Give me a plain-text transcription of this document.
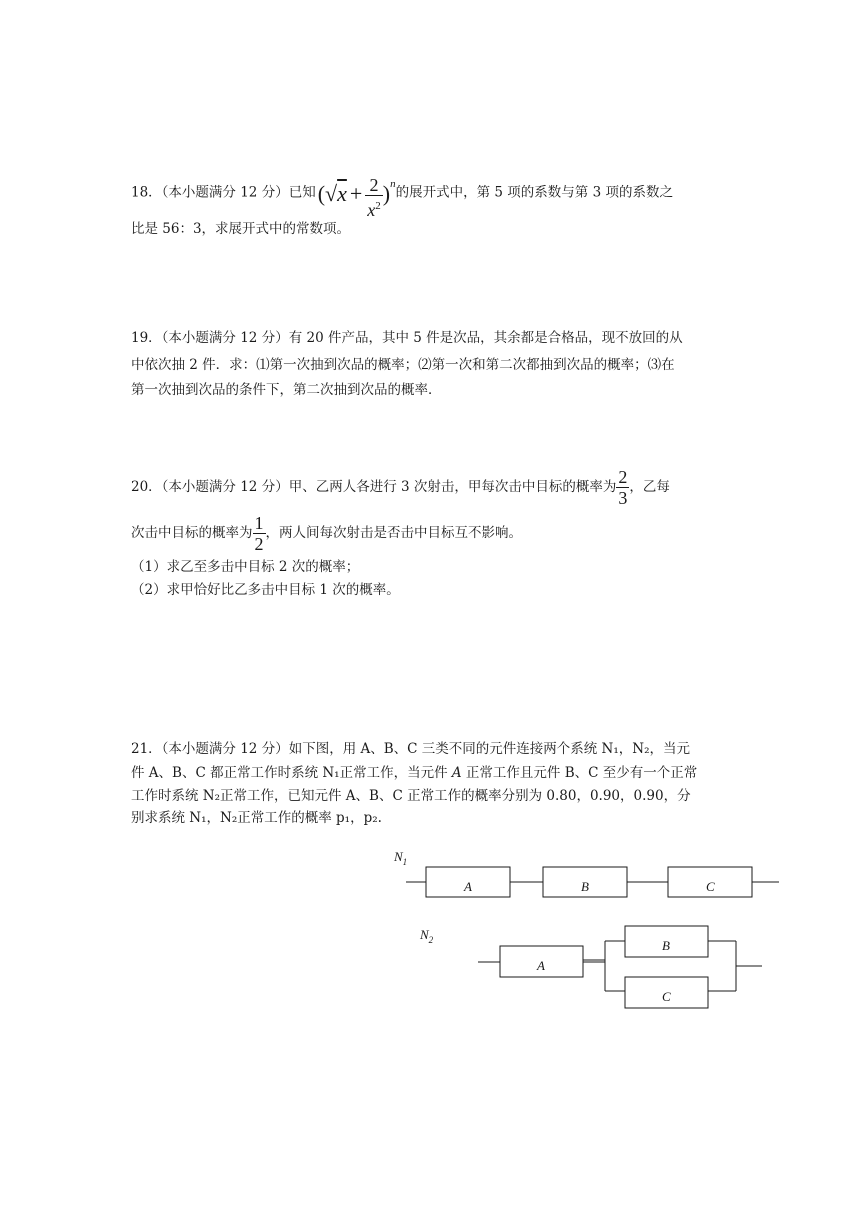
18．（本小题满分 12 分）已知$(√x + \frac{2}{x^2} )^n$的展开式中，第 5 项的系数与第 3 项的系数之
比是 56：3，求展开式中的常数项。
19．（本小题满分 12 分）有 20 件产品，其中 5 件是次品，其余都是合格品，现不放回的从
中依次抽 2 件．求：⑴第一次抽到次品的概率；⑵第一次和第二次都抽到次品的概率；⑶在
第一次抽到次品的条件下，第二次抽到次品的概率．
20．（本小题满分 12 分）甲、乙两人各进行 3 次射击，甲每次击中目标的概率为 $\frac{2}{3}$ ，乙每
次击中目标的概率为 $\frac{1}{2}$ ，两人间每次射击是否击中目标互不影响。
（1）求乙至多击中目标 2 次的概率；
（2）求甲恰好比乙多击中目标 1 次的概率。
21．（本小题满分 12 分）如下图，用 A、B、C 三类不同的元件连接两个系统 N₁，N₂，当元
件 A、B、C 都正常工作时系统 N₁正常工作，当元件 A 正常工作且元件 B、C 至少有一个正常
工作时系统 N₂正常工作，已知元件 A、B、C 正常工作的概率分别为 0.80，0.90，0.90，分
别求系统 N₁，N₂正常工作的概率 p₁，p₂.
$N_1$
A	B	C
$N_2$
A
B
C
